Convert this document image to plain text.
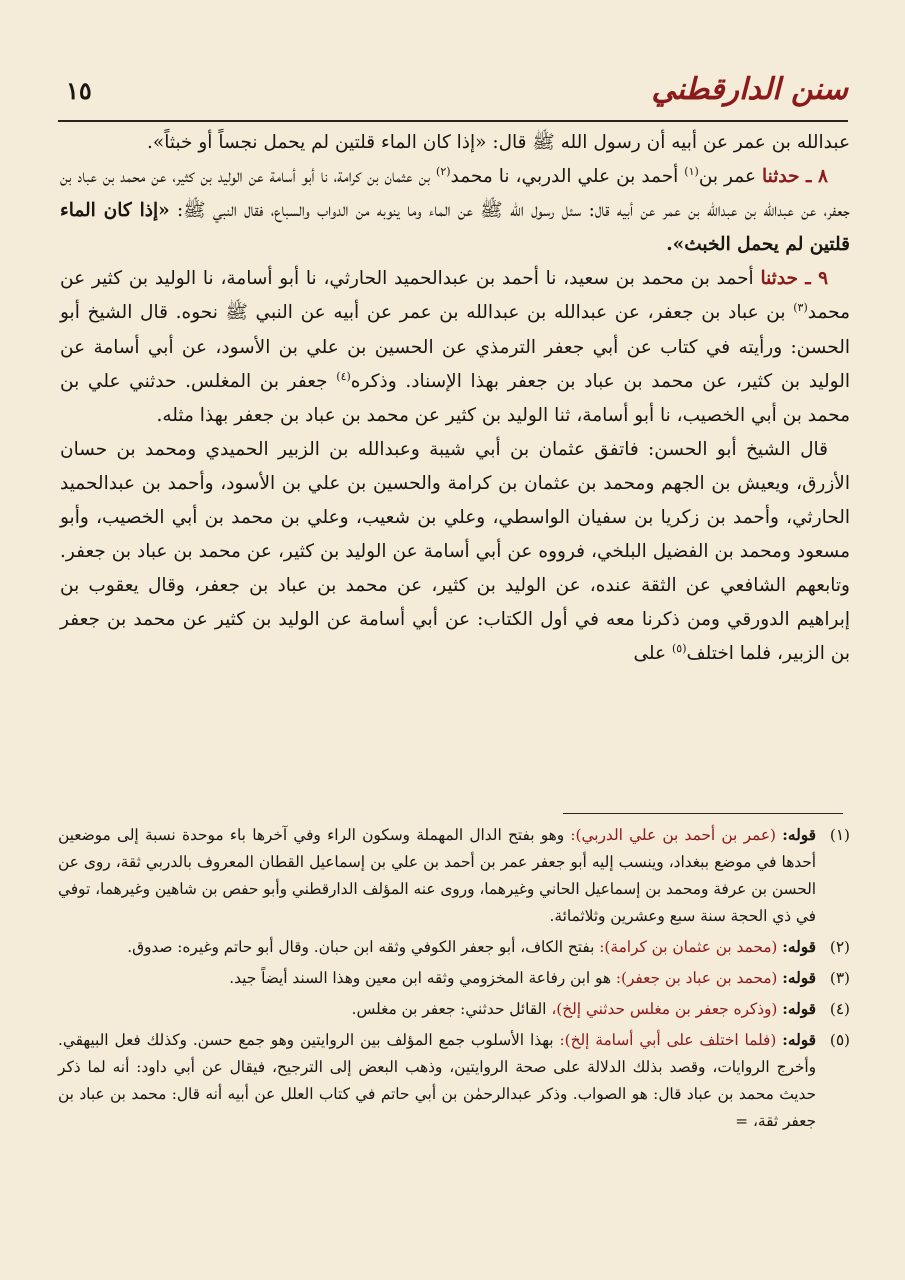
سنن الدارقطني
١٥

عبدالله بن عمر عن أبيه أن رسول الله ﷺ قال: «إذا كان الماء قلتين لم يحمل نجساً أو خبثاً».

٨ ـ حدثنا عمر بن$^{(١)}$ أحمد بن علي الدربي، نا محمد$^{(٢)}$ بن عثمان بن كرامة، نا أبو أسامة عن الوليد بن كثير، عن محمد بن عباد بن جعفر، عن عبدالله بن عبدالله بن عمر عن أبيه قال: سئل رسول الله ﷺ عن الماء وما ينوبه من الدواب والسباع، فقال النبي ﷺ: «إذا كان الماء قلتين لم يحمل الخبث».

٩ ـ حدثنا أحمد بن محمد بن سعيد، نا أحمد بن عبدالحميد الحارثي، نا أبو أسامة، نا الوليد بن كثير عن محمد$^{(٣)}$ بن عباد بن جعفر، عن عبدالله بن عبدالله بن عمر عن أبيه عن النبي ﷺ نحوه. قال الشيخ أبو الحسن: ورأيته في كتاب عن أبي جعفر الترمذي عن الحسين بن علي بن الأسود، عن أبي أسامة عن الوليد بن كثير، عن محمد بن عباد بن جعفر بهذا الإسناد. وذكره$^{(٤)}$ جعفر بن المغلس. حدثني علي بن محمد بن أبي الخصيب، نا أبو أسامة، ثنا الوليد بن كثير عن محمد بن عباد بن جعفر بهذا مثله.

قال الشيخ أبو الحسن: فاتفق عثمان بن أبي شيبة وعبدالله بن الزبير الحميدي ومحمد بن حسان الأزرق، ويعيش بن الجهم ومحمد بن عثمان بن كرامة والحسين بن علي بن الأسود، وأحمد بن عبدالحميد الحارثي، وأحمد بن زكريا بن سفيان الواسطي، وعلي بن شعيب، وعلي بن محمد بن أبي الخصيب، وأبو مسعود ومحمد بن الفضيل البلخي، فرووه عن أبي أسامة عن الوليد بن كثير، عن محمد بن عباد بن جعفر. وتابعهم الشافعي عن الثقة عنده، عن الوليد بن كثير، عن محمد بن عباد بن جعفر، وقال يعقوب بن إبراهيم الدورقي ومن ذكرنا معه في أول الكتاب: عن أبي أسامة عن الوليد بن كثير عن محمد بن جعفر بن الزبير، فلما اختلف$^{(٥)}$ على

(١)
قوله: (عمر بن أحمد بن علي الدربي): وهو بفتح الدال المهملة وسكون الراء وفي آخرها باء موحدة نسبة إلى موضعين أحدها في موضع ببغداد، وينسب إليه أبو جعفر عمر بن أحمد بن علي بن إسماعيل القطان المعروف بالدربي ثقة، روى عن الحسن بن عرفة ومحمد بن إسماعيل الحاني وغيرهما، وروى عنه المؤلف الدارقطني وأبو حفص بن شاهين وغيرهما، توفي في ذي الحجة سنة سبع وعشرين وثلاثمائة.
(٢)
قوله: (محمد بن عثمان بن كرامة): بفتح الكاف، أبو جعفر الكوفي وثقه ابن حبان. وقال أبو حاتم وغيره: صدوق.
(٣)
قوله: (محمد بن عباد بن جعفر): هو ابن رفاعة المخزومي وثقه ابن معين وهذا السند أيضاً جيد.
(٤)
قوله: (وذكره جعفر بن مغلس حدثني إلخ)، القائل حدثني: جعفر بن مغلس.
(٥)
قوله: (فلما اختلف على أبي أسامة إلخ): بهذا الأسلوب جمع المؤلف بين الروايتين وهو جمع حسن. وكذلك فعل البيهقي. وأخرج الروايات، وقصد بذلك الدلالة على صحة الروايتين، وذهب البعض إلى الترجيح، فيقال عن أبي داود: أنه لما ذكر حديث محمد بن عباد قال: هو الصواب. وذكر عبدالرحمٰن بن أبي حاتم في كتاب العلل عن أبيه أنه قال: محمد بن عباد بن جعفر ثقة، =
